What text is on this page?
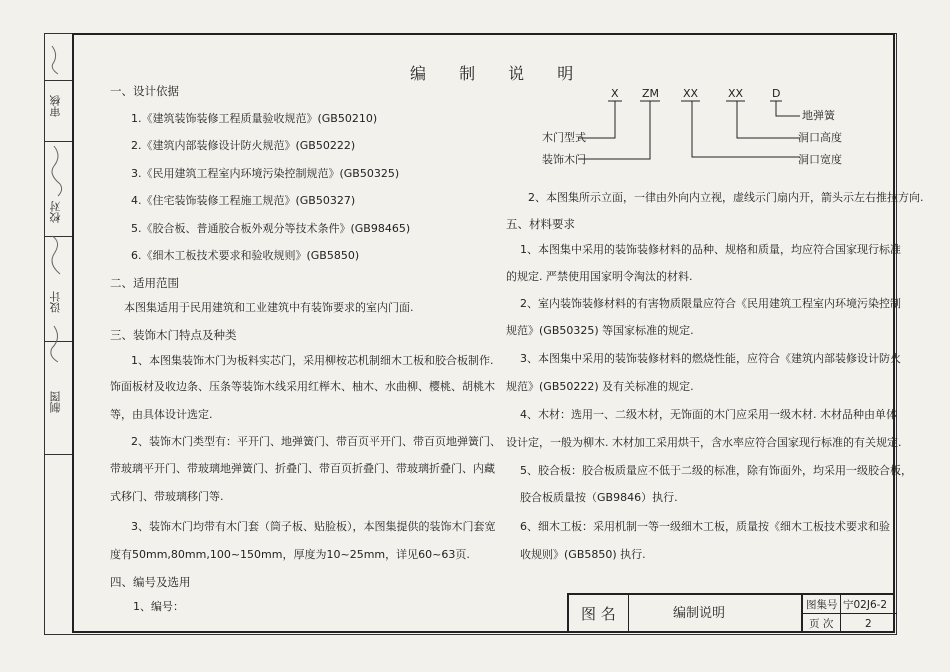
审核
校对
设计
制图
编 制 说 明
一、设计依据
1.《建筑装饰装修工程质量验收规范》(GB50210)
2.《建筑内部装修设计防火规范》(GB50222)
3.《民用建筑工程室内环境污染控制规范》(GB50325)
4.《住宅装饰装修工程施工规范》(GB50327)
5.《胶合板、普通胶合板外观分等技术条件》(GB98465)
6.《细木工板技术要求和验收规则》(GB5850)
二、适用范围
本图集适用于民用建筑和工业建筑中有装饰要求的室内门面.
三、装饰木门特点及种类
1、本图集装饰木门为板料实芯门，采用柳桉芯机制细木工板和胶合板制作.
饰面板材及收边条、压条等装饰木线采用红榉木、柚木、水曲柳、樱桃、胡桃木
等，由具体设计选定.
2、装饰木门类型有：平开门、地弹簧门、带百页平开门、带百页地弹簧门、
带玻璃平开门、带玻璃地弹簧门、折叠门、带百页折叠门、带玻璃折叠门、内藏
式移门、带玻璃移门等.
3、装饰木门均带有木门套（筒子板、贴脸板），本图集提供的装饰木门套宽
度有50mm,80mm,100~150mm，厚度为10~25mm，详见60~63页.
四、编号及选用
1、编号：
X ZM XX	XX	D
地弹簧
洞口高度
木门型式
装饰木门	洞口宽度
2、本图集所示立面，一律由外向内立视，虚线示门扇内开，箭头示左右推拉方向.
五、材料要求
1、本图集中采用的装饰装修材料的品种、规格和质量，均应符合国家现行标准
的规定. 严禁使用国家明令淘汰的材料.
2、室内装饰装修材料的有害物质限量应符合《民用建筑工程室内环境污染控制
规范》(GB50325) 等国家标准的规定.
3、本图集中采用的装饰装修材料的燃烧性能，应符合《建筑内部装修设计防火
规范》(GB50222) 及有关标准的规定.
4、木材：选用一、二级木材，无饰面的木门应采用一级木材. 木材品种由单体
设计定，一般为柳木. 木材加工采用烘干，含水率应符合国家现行标准的有关规定.
5、胶合板：胶合板质量应不低于二级的标准，除有饰面外，均采用一级胶合板，
胶合板质量按（GB9846）执行.
6、细木工板：采用机制一等一级细木工板，质量按《细木工板技术要求和验
收规则》(GB5850) 执行.
图 名	编制说明
图集号 宁02J6-2
页 次	2
